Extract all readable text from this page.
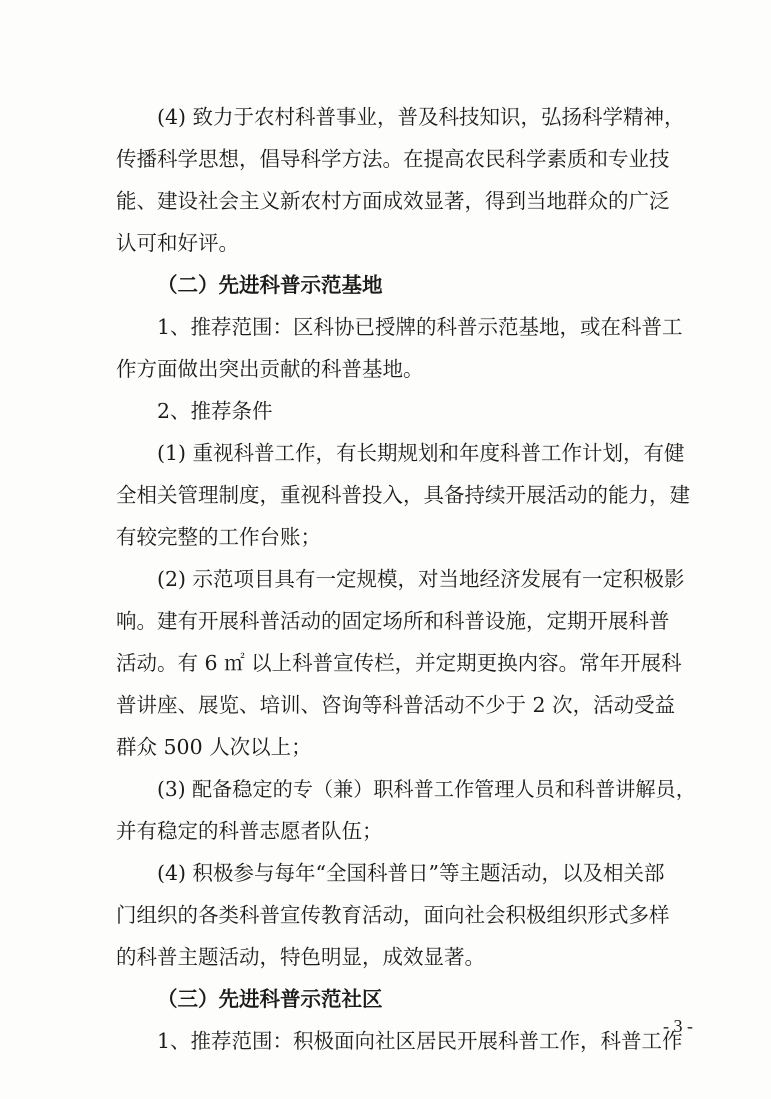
(4) 致力于农村科普事业，普及科技知识，弘扬科学精神，
传播科学思想，倡导科学方法。在提高农民科学素质和专业技
能、建设社会主义新农村方面成效显著，得到当地群众的广泛
认可和好评。

（二）先进科普示范基地

1、推荐范围：区科协已授牌的科普示范基地，或在科普工
作方面做出突出贡献的科普基地。

2、推荐条件

(1) 重视科普工作，有长期规划和年度科普工作计划，有健
全相关管理制度，重视科普投入，具备持续开展活动的能力，建
有较完整的工作台账；

(2) 示范项目具有一定规模，对当地经济发展有一定积极影
响。建有开展科普活动的固定场所和科普设施，定期开展科普
活动。有 6 ㎡ 以上科普宣传栏，并定期更换内容。常年开展科
普讲座、展览、培训、咨询等科普活动不少于 2 次，活动受益
群众 500 人次以上；

(3) 配备稳定的专（兼）职科普工作管理人员和科普讲解员，
并有稳定的科普志愿者队伍；

(4) 积极参与每年“全国科普日”等主题活动，以及相关部
门组织的各类科普宣传教育活动，面向社会积极组织形式多样
的科普主题活动，特色明显，成效显著。

（三）先进科普示范社区

1、推荐范围：积极面向社区居民开展科普工作，科普工作

- 3 -
